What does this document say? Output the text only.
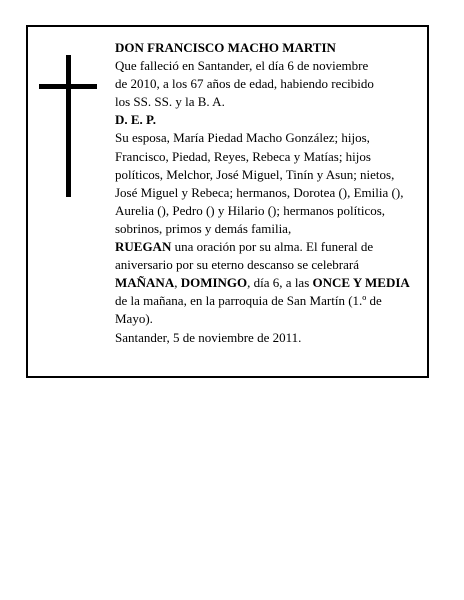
DON FRANCISCO MACHO MARTIN
Que falleció en Santander, el día 6 de noviembre
de 2010, a los 67 años de edad, habiendo recibido
los SS. SS. y la B. A.
D. E. P.
Su esposa, María Piedad Macho González; hijos,
Francisco, Piedad, Reyes, Rebeca y Matías; hijos
políticos, Melchor, José Miguel, Tinín y Asun; nietos,
José Miguel y Rebeca; hermanos, Dorotea (), Emilia (),
Aurelia (), Pedro () y Hilario (); hermanos políticos,
sobrinos, primos y demás familia,
RUEGAN una oración por su alma. El funeral de
aniversario por su eterno descanso se celebrará
MAÑANA, DOMINGO, día 6, a las ONCE Y MEDIA
de la mañana, en la parroquia de San Martín (1.º de
Mayo).
Santander, 5 de noviembre de 2011.
